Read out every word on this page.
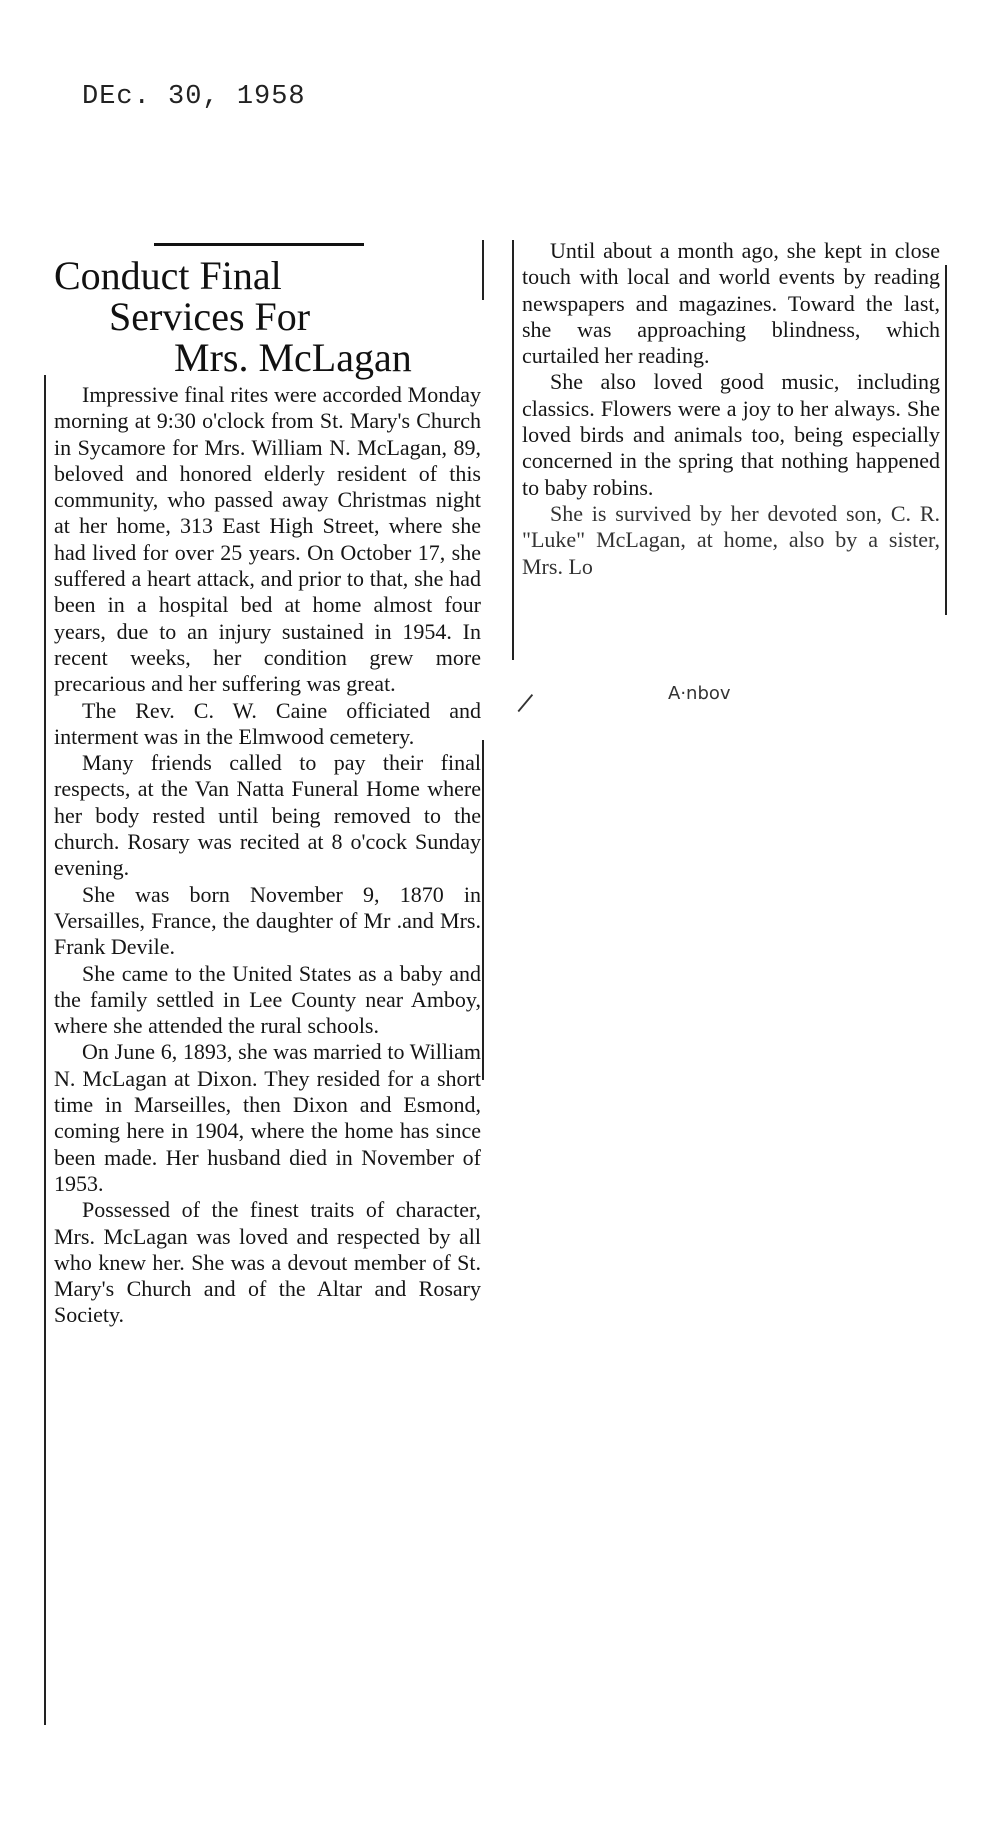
DEc. 30, 1958
Conduct Final
Services For
Mrs. McLagan

Impressive final rites were accorded Monday morning at 9:30 o'clock from St. Mary's Church in Sycamore for Mrs. William N. McLagan, 89, beloved and honored elderly resident of this community, who passed away Christmas night at her home, 313 East High Street, where she had lived for over 25 years. On October 17, she suffered a heart attack, and prior to that, she had been in a hospital bed at home almost four years, due to an injury sustained in 1954. In recent weeks, her condition grew more precarious and her suffering was great.

The Rev. C. W. Caine officiated and interment was in the Elmwood cemetery.

Many friends called to pay their final respects, at the Van Natta Funeral Home where her body rested until being removed to the church. Rosary was recited at 8 o'cock Sunday evening.

She was born November 9, 1870 in Versailles, France, the daughter of Mr .and Mrs. Frank Devile.

She came to the United States as a baby and the family settled in Lee County near Amboy, where she attended the rural schools.

On June 6, 1893, she was married to William N. McLagan at Dixon. They resided for a short time in Marseilles, then Dixon and Esmond, coming here in 1904, where the home has since been made. Her husband died in November of 1953.

Possessed of the finest traits of character, Mrs. McLagan was loved and respected by all who knew her. She was a devout member of St. Mary's Church and of the Altar and Rosary Society.

Until about a month ago, she kept in close touch with local and world events by reading newspapers and magazines. Toward the last, she was approaching blindness, which curtailed her reading.

She also loved good music, including classics. Flowers were a joy to her always. She loved birds and animals too, being especially concerned in the spring that nothing happened to baby robins.

She is survived by her devoted son, C. R. "Luke" McLagan, at home, also by a sister, Mrs. Lo

A·nbov
|
